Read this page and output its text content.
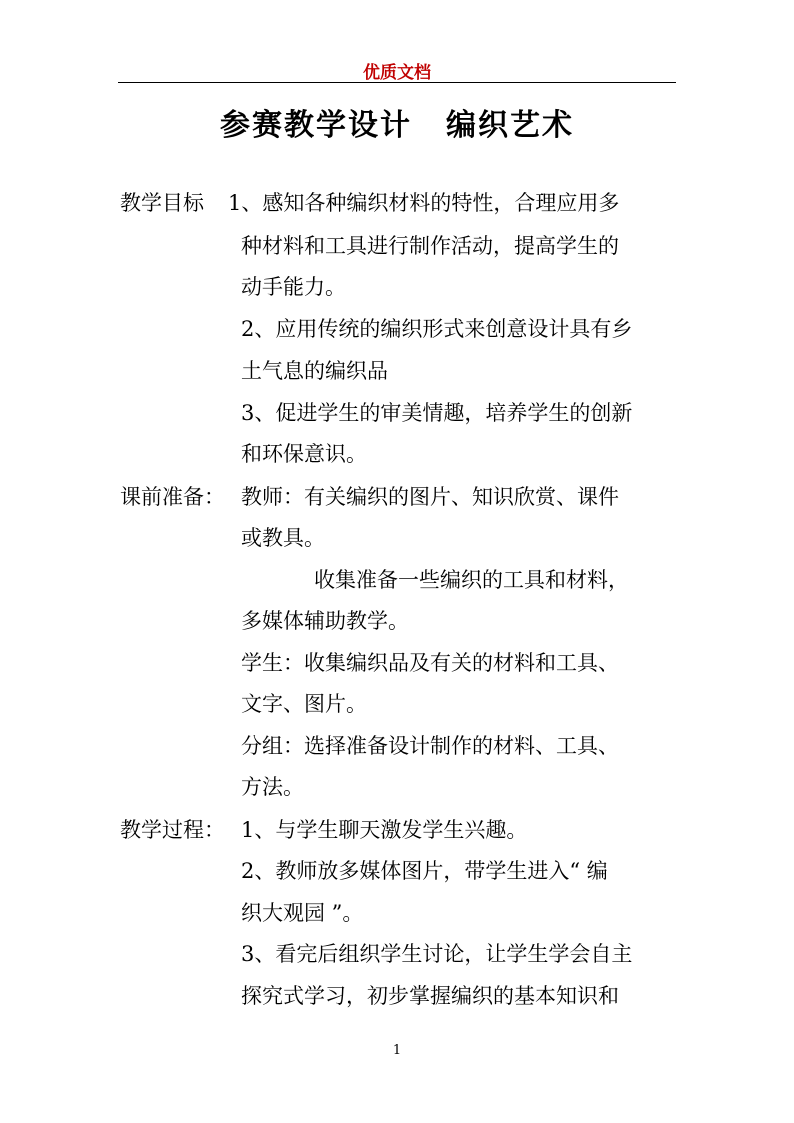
优质文档
参赛教学设计 编织艺术
教学目标 1、感知各种编织材料的特性，合理应用多
种材料和工具进行制作活动，提高学生的
动手能力。
2、应用传统的编织形式来创意设计具有乡
土气息的编织品
3、促进学生的审美情趣，培养学生的创新
和环保意识。
课前准备： 教师：有关编织的图片、知识欣赏、课件
或教具。
收集准备一些编织的工具和材料，
多媒体辅助教学。
学生：收集编织品及有关的材料和工具、
文字、图片。
分组：选择准备设计制作的材料、工具、
方法。
教学过程： 1、与学生聊天激发学生兴趣。
2、教师放多媒体图片，带学生进入“ 编
织大观园 ”。
3、看完后组织学生讨论，让学生学会自主
探究式学习，初步掌握编织的基本知识和
1
